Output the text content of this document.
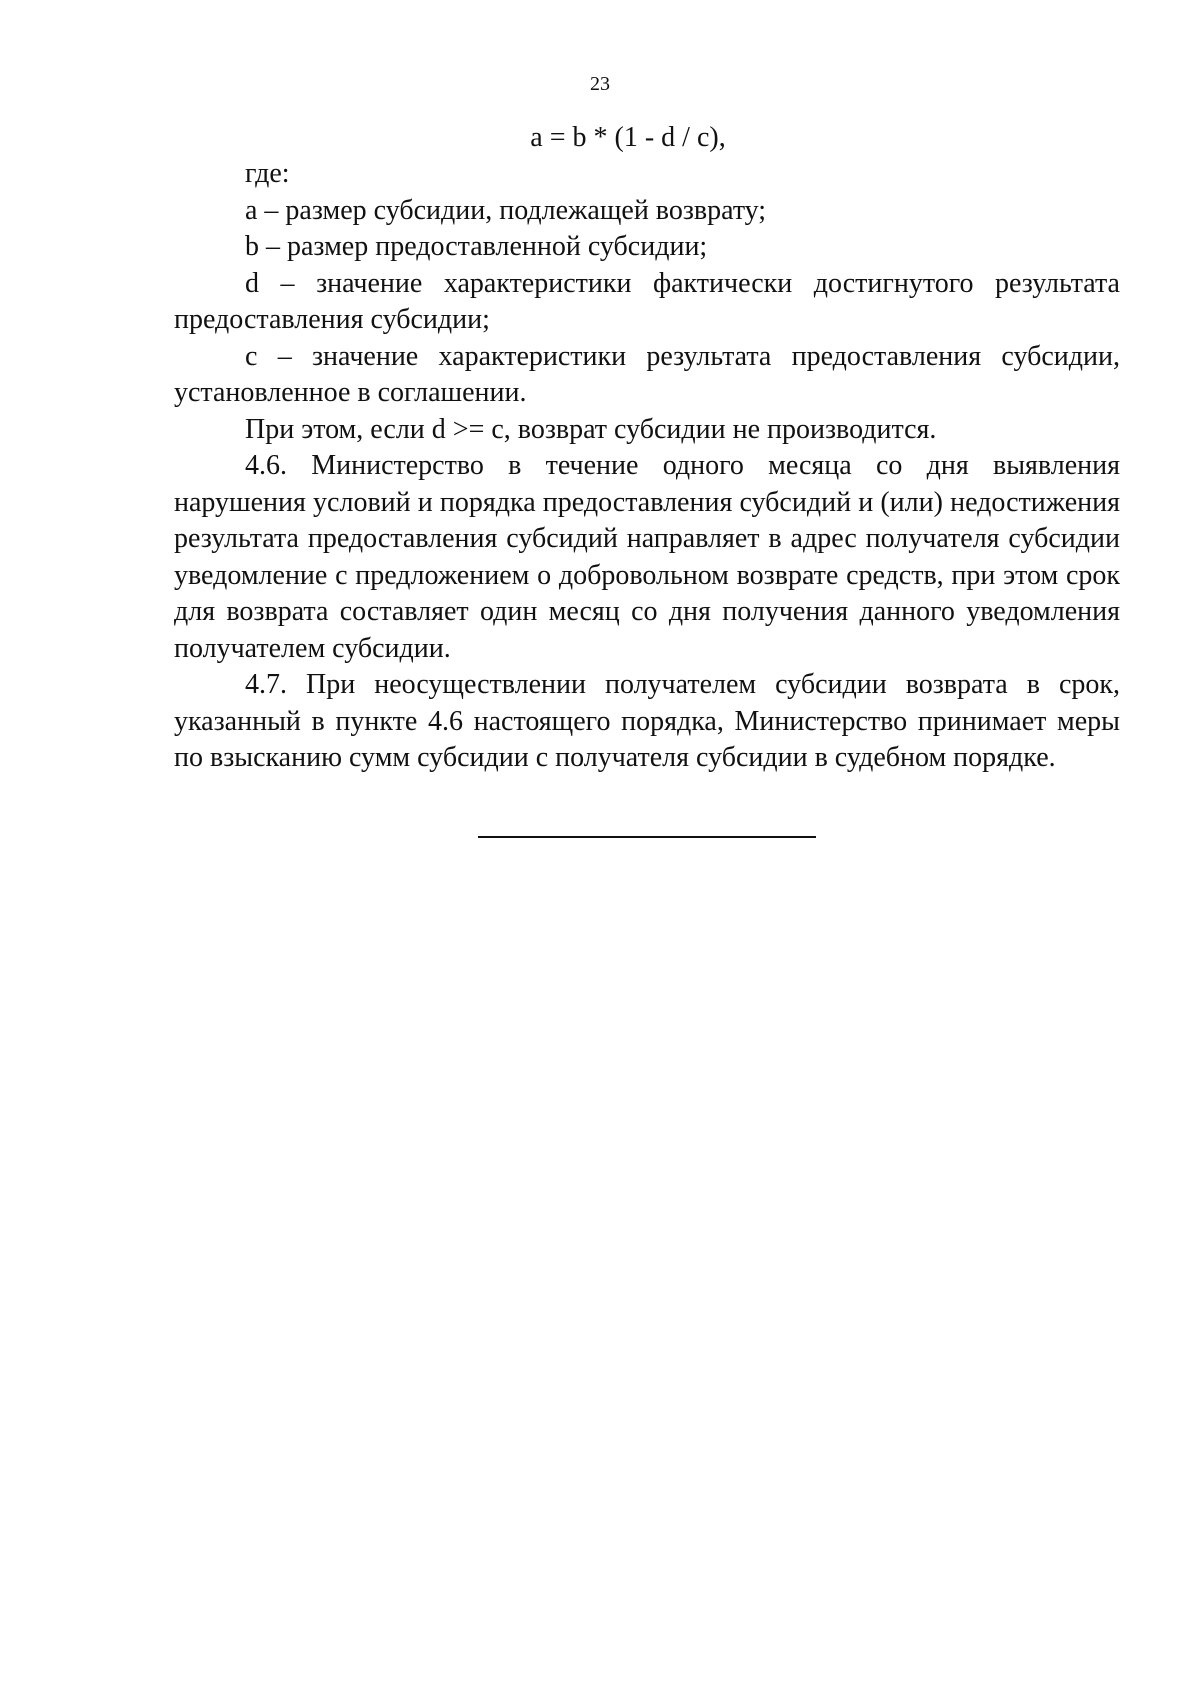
23
a = b * (1 - d / c),

где:

a – размер субсидии, подлежащей возврату;

b – размер предоставленной субсидии;

d – значение характеристики фактически достигнутого результата предоставления субсидии;

c – значение характеристики результата предоставления субсидии, установленное в соглашении.

При этом, если d >= c, возврат субсидии не производится.

4.6. Министерство в течение одного месяца со дня выявления нарушения условий и порядка предоставления субсидий и (или) недостижения результата предоставления субсидий направляет в адрес получателя субсидии уведомление с предложением о добровольном возврате средств, при этом срок для возврата составляет один месяц со дня получения данного уведомления получателем субсидии.

4.7. При неосуществлении получателем субсидии возврата в срок, указанный в пункте 4.6 настоящего порядка, Министерство принимает меры по взысканию сумм субсидии с получателя субсидии в судебном порядке.
